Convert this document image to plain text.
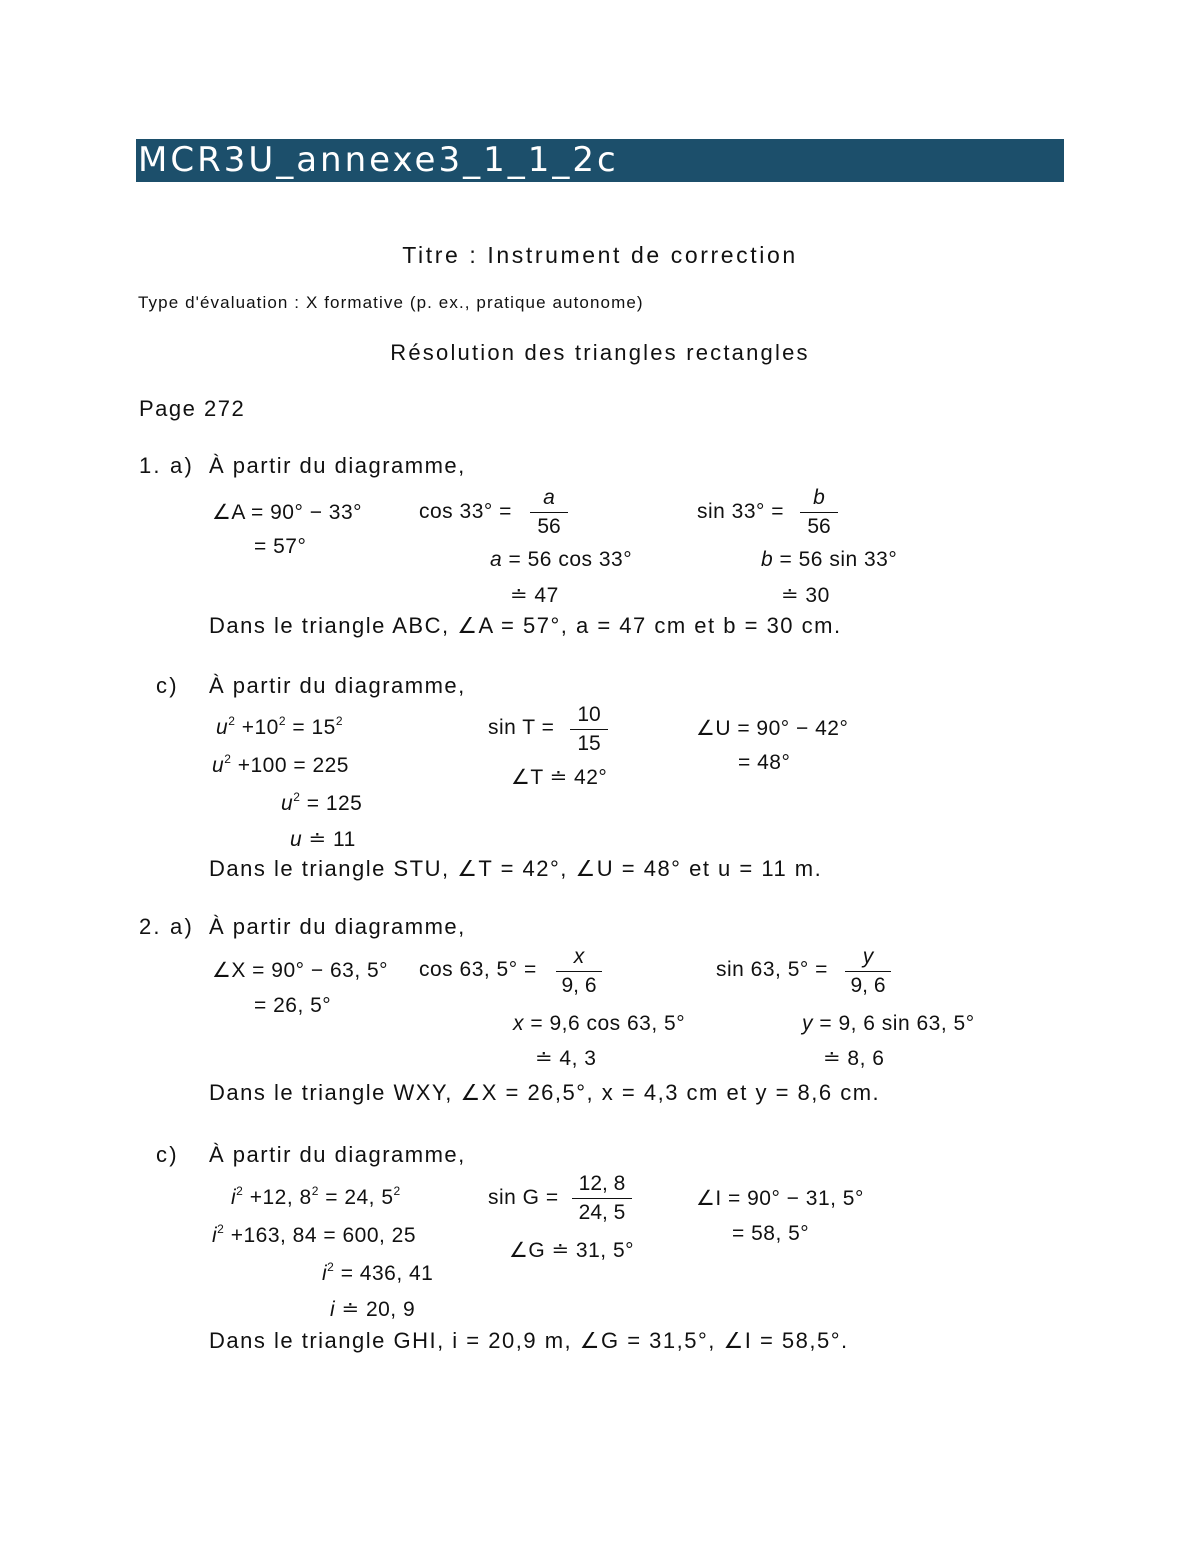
MCR3U_annexe3_1_1_2c
Titre : Instrument de correction
Type d'évaluation : X formative (p. ex., pratique autonome)
Résolution des triangles rectangles
Page 272
1. a) À partir du diagramme,
∠A = 90° − 33°
= 57°
cos 33° =
a
56
a = 56 cos 33°
≐ 47
sin 33° =
b
56
b = 56 sin 33°
≐ 30
Dans le triangle ABC, ∠A = 57°, a = 47 cm et b = 30 cm.
c) À partir du diagramme,
$u^2 +10^2 = 15^2$
$u^2 +100 = 225$
$u^2 = 125$
u ≐ 11
sin T =
10
15
∠T ≐ 42°
∠U = 90° − 42°
= 48°
Dans le triangle STU, ∠T = 42°, ∠U = 48° et u = 11 m.
2. a) À partir du diagramme,
∠X = 90° − 63, 5°
= 26, 5°
cos 63, 5° =
x
9, 6
x = 9,6 cos 63, 5°
≐ 4, 3
sin 63, 5° =
y
9, 6
y = 9, 6 sin 63, 5°
≐ 8, 6
Dans le triangle WXY, ∠X = 26,5°, x = 4,3 cm et y = 8,6 cm.
c) À partir du diagramme,
$i^2 +12$, $8^2 = 24$, $5^2$
$i^2 +163$, 84 = 600, 25
$i^2 = 436$, 41
i ≐ 20, 9
sin G =
12, 8
24, 5
∠G ≐ 31, 5°
∠I = 90° − 31, 5°
= 58, 5°
Dans le triangle GHI, i = 20,9 m, ∠G = 31,5°, ∠I = 58,5°.
